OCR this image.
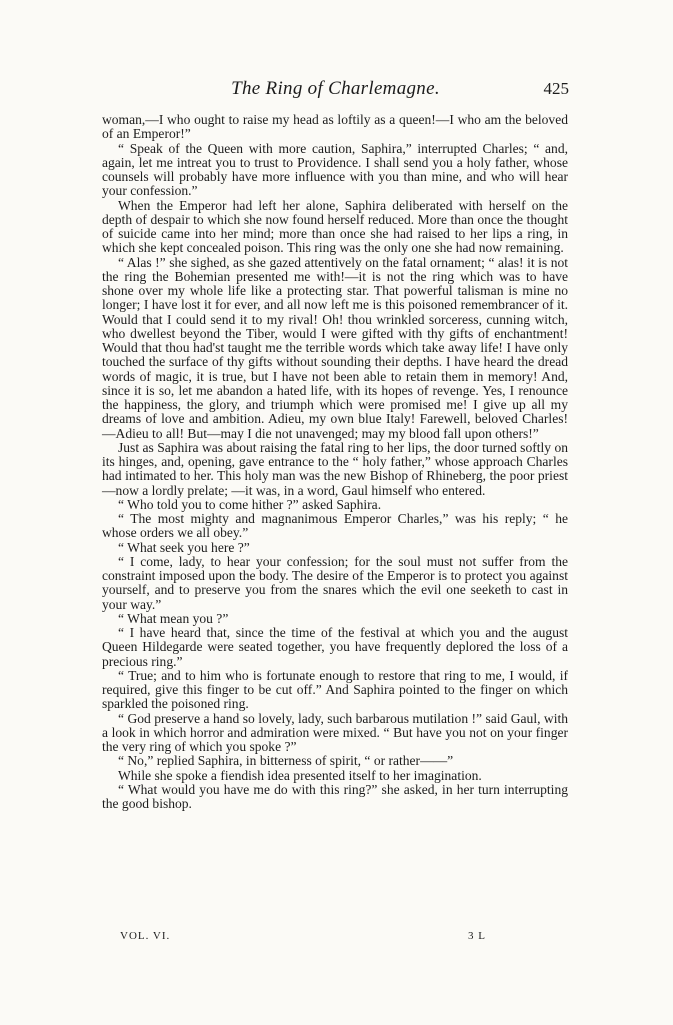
The Ring of Charlemagne.	425

woman,—I who ought to raise my head as loftily as a queen!—I who am the beloved of an Emperor!”

“ Speak of the Queen with more caution, Saphira,” interrupted Charles; “ and, again, let me intreat you to trust to Providence. I shall send you a holy father, whose counsels will probably have more influence with you than mine, and who will hear your confession.”

When the Emperor had left her alone, Saphira deliberated with herself on the depth of despair to which she now found herself reduced. More than once the thought of suicide came into her mind; more than once she had raised to her lips a ring, in which she kept concealed poison. This ring was the only one she had now remaining.

“ Alas !” she sighed, as she gazed attentively on the fatal ornament; “ alas! it is not the ring the Bohemian presented me with!—it is not the ring which was to have shone over my whole life like a protecting star. That powerful talisman is mine no longer; I have lost it for ever, and all now left me is this poisoned remembrancer of it. Would that I could send it to my rival! Oh! thou wrinkled sorceress, cunning witch, who dwellest beyond the Tiber, would I were gifted with thy gifts of enchantment! Would that thou had'st taught me the terrible words which take away life! I have only touched the surface of thy gifts without sounding their depths. I have heard the dread words of magic, it is true, but I have not been able to retain them in memory! And, since it is so, let me abandon a hated life, with its hopes of revenge. Yes, I renounce the happiness, the glory, and triumph which were promised me! I give up all my dreams of love and ambition. Adieu, my own blue Italy! Farewell, beloved Charles!—Adieu to all! But—may I die not unavenged; may my blood fall upon others!”

Just as Saphira was about raising the fatal ring to her lips, the door turned softly on its hinges, and, opening, gave entrance to the “ holy father,” whose approach Charles had intimated to her. This holy man was the new Bishop of Rhineberg, the poor priest—now a lordly prelate; —it was, in a word, Gaul himself who entered.

“ Who told you to come hither ?” asked Saphira.

“ The most mighty and magnanimous Emperor Charles,” was his reply; “ he whose orders we all obey.”

“ What seek you here ?”

“ I come, lady, to hear your confession; for the soul must not suffer from the constraint imposed upon the body. The desire of the Emperor is to protect you against yourself, and to preserve you from the snares which the evil one seeketh to cast in your way.”

“ What mean you ?”

“ I have heard that, since the time of the festival at which you and the august Queen Hildegarde were seated together, you have frequently deplored the loss of a precious ring.”

“ True; and to him who is fortunate enough to restore that ring to me, I would, if required, give this finger to be cut off.” And Saphira pointed to the finger on which sparkled the poisoned ring.

“ God preserve a hand so lovely, lady, such barbarous mutilation !” said Gaul, with a look in which horror and admiration were mixed. “ But have you not on your finger the very ring of which you spoke ?”

“ No,” replied Saphira, in bitterness of spirit, “ or rather——”

While she spoke a fiendish idea presented itself to her imagination.

“ What would you have me do with this ring?” she asked, in her turn interrupting the good bishop.

VOL. VI.	3 L
